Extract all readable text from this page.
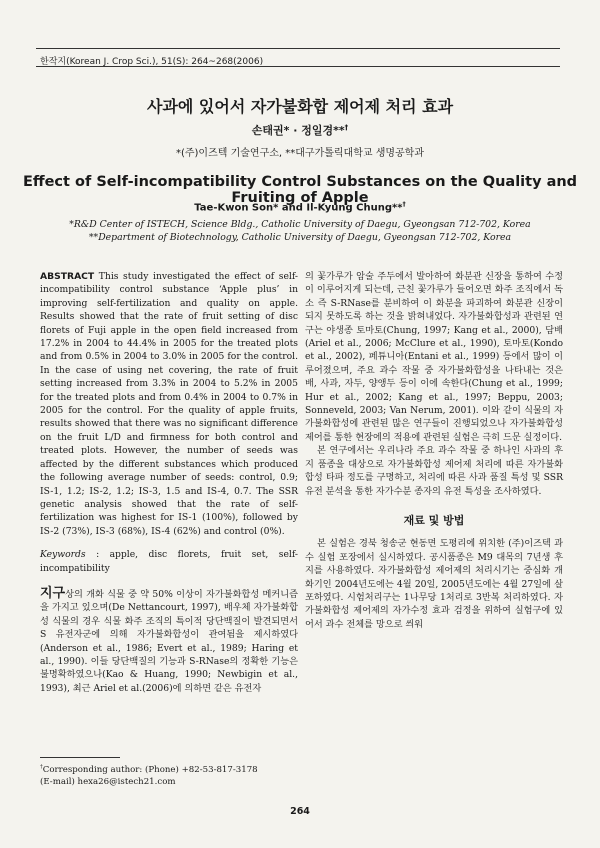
한작지(Korean J. Crop Sci.), 51(S): 264~268(2006)
사과에 있어서 자가불화합 제어제 처리 효과
손태권* · 정일경**†
*(주)이즈텍 기술연구소, **대구가톨릭대학교 생명공학과
Effect of Self-incompatibility Control Substances on the Quality and Fruiting of Apple
Tae-Kwon Son* and Il-Kyung Chung**†
*R&D Center of ISTECH, Science Bldg., Catholic University of Daegu, Gyeongsan 712-702, Korea
**Department of Biotechnology, Catholic University of Daegu, Gyeongsan 712-702, Korea

ABSTRACT This study investigated the effect of self-incompatibility control substance ‘Apple plus’ in improving self-fertilization and quality on apple. Results showed that the rate of fruit setting of disc florets of Fuji apple in the open field increased from 17.2% in 2004 to 44.4% in 2005 for the treated plots and from 0.5% in 2004 to 3.0% in 2005 for the control. In the case of using net covering, the rate of fruit setting increased from 3.3% in 2004 to 5.2% in 2005 for the treated plots and from 0.4% in 2004 to 0.7% in 2005 for the control. For the quality of apple fruits, results showed that there was no significant difference on the fruit L/D and firmness for both control and treated plots. However, the number of seeds was affected by the different substances which produced the following average number of seeds: control, 0.9; IS-1, 1.2; IS-2, 1.2; IS-3, 1.5 and IS-4, 0.7. The SSR genetic analysis showed that the rate of self-fertilization was highest for IS-1 (100%), followed by IS-2 (73%), IS-3 (68%), IS-4 (62%) and control (0%).

Keywords : apple, disc florets, fruit set, self-incompatibility

지구상의 개화 식물 중 약 50% 이상이 자가불화합성 메커니즘을 가지고 있으며(De Nettancourt, 1997), 배우체 자가불화합성 식물의 경우 식물 화주 조직의 특이적 당단백질이 발견되면서 S 유전자군에 의해 자가불화합성이 관여됨을 제시하였다(Anderson et al., 1986; Evert et al., 1989; Haring et al., 1990). 이들 당단백질의 기능과 S-RNase의 정확한 기능은 불명확하였으나(Kao & Huang, 1990; Newbigin et al., 1993), 최근 Ariel et al.(2006)에 의하면 같은 유전자

의 꽃가루가 암술 주두에서 발아하여 화분관 신장을 통하여 수정이 이루어지게 되는데, 근친 꽃가루가 들어오면 화주 조직에서 독소 즉 S-RNase를 분비하여 이 화분을 파괴하여 화분관 신장이 되지 못하도록 하는 것을 밝혀내었다. 자가불화합성과 관련된 연구는 야생종 토마토(Chung, 1997; Kang et al., 2000), 담배(Ariel et al., 2006; McClure et al., 1990), 토마토(Kondo et al., 2002), 페튜니아(Entani et al., 1999) 등에서 많이 이루어졌으며, 주요 과수 작물 중 자가불화합성을 나타내는 것은 배, 사과, 자두, 양앵두 등이 이에 속한다(Chung et al., 1999; Hur et al., 2002; Kang et al., 1997; Beppu, 2003; Sonneveld, 2003; Van Nerum, 2001). 이와 같이 식물의 자가불화합성에 관련된 많은 연구들이 진행되었으나 자가불화합성 제어를 통한 현장에의 적용에 관련된 실험은 극히 드문 실정이다.

본 연구에서는 우리나라 주요 과수 작물 중 하나인 사과의 후지 품종을 대상으로 자가불화합성 제어제 처리에 따른 자가불화합성 타파 정도를 구명하고, 처리에 따른 사과 품질 특성 및 SSR 유전 분석을 통한 자가수분 종자의 유전 특성을 조사하였다.

재료 및 방법

본 실험은 경북 청송군 현동면 도평리에 위치한 (주)이즈텍 과수 실험 포장에서 실시하였다. 공시품종은 M9 대목의 7년생 후지를 사용하였다. 자가불화합성 제어제의 처리시기는 중심화 개화기인 2004년도에는 4월 20일, 2005년도에는 4월 27일에 살포하였다. 시험처리구는 1나무당 1처리로 3반복 처리하였다. 자가불화합성 제어제의 자가수정 효과 검정을 위하여 실험구에 있어서 과수 전체를 망으로 씌워

†Corresponding author: (Phone) +82-53-817-3178
(E-mail) hexa26@istech21.com
264
